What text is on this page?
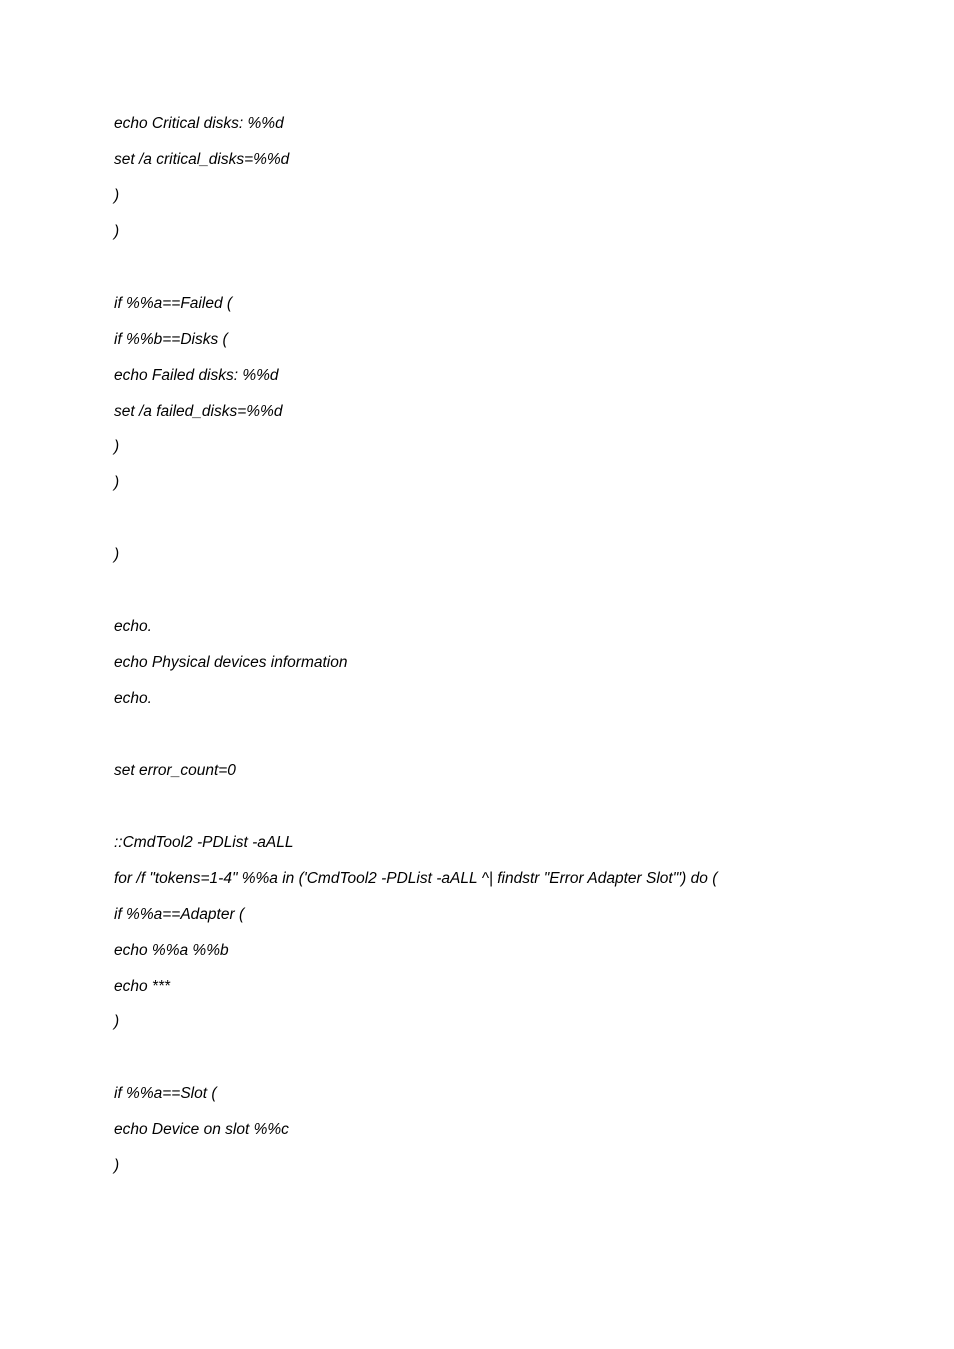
echo Critical disks: %%d
set /a critical_disks=%%d
)
)
if %%a==Failed (
if %%b==Disks (
echo Failed disks: %%d
set /a failed_disks=%%d
)
)
)
echo.
echo Physical devices information
echo.
set error_count=0
::CmdTool2 -PDList -aALL
for /f "tokens=1-4" %%a in ('CmdTool2 -PDList -aALL ^| findstr "Error Adapter Slot"') do (
if %%a==Adapter (
echo %%a %%b
echo ***
)
if %%a==Slot (
echo Device on slot %%c
)
